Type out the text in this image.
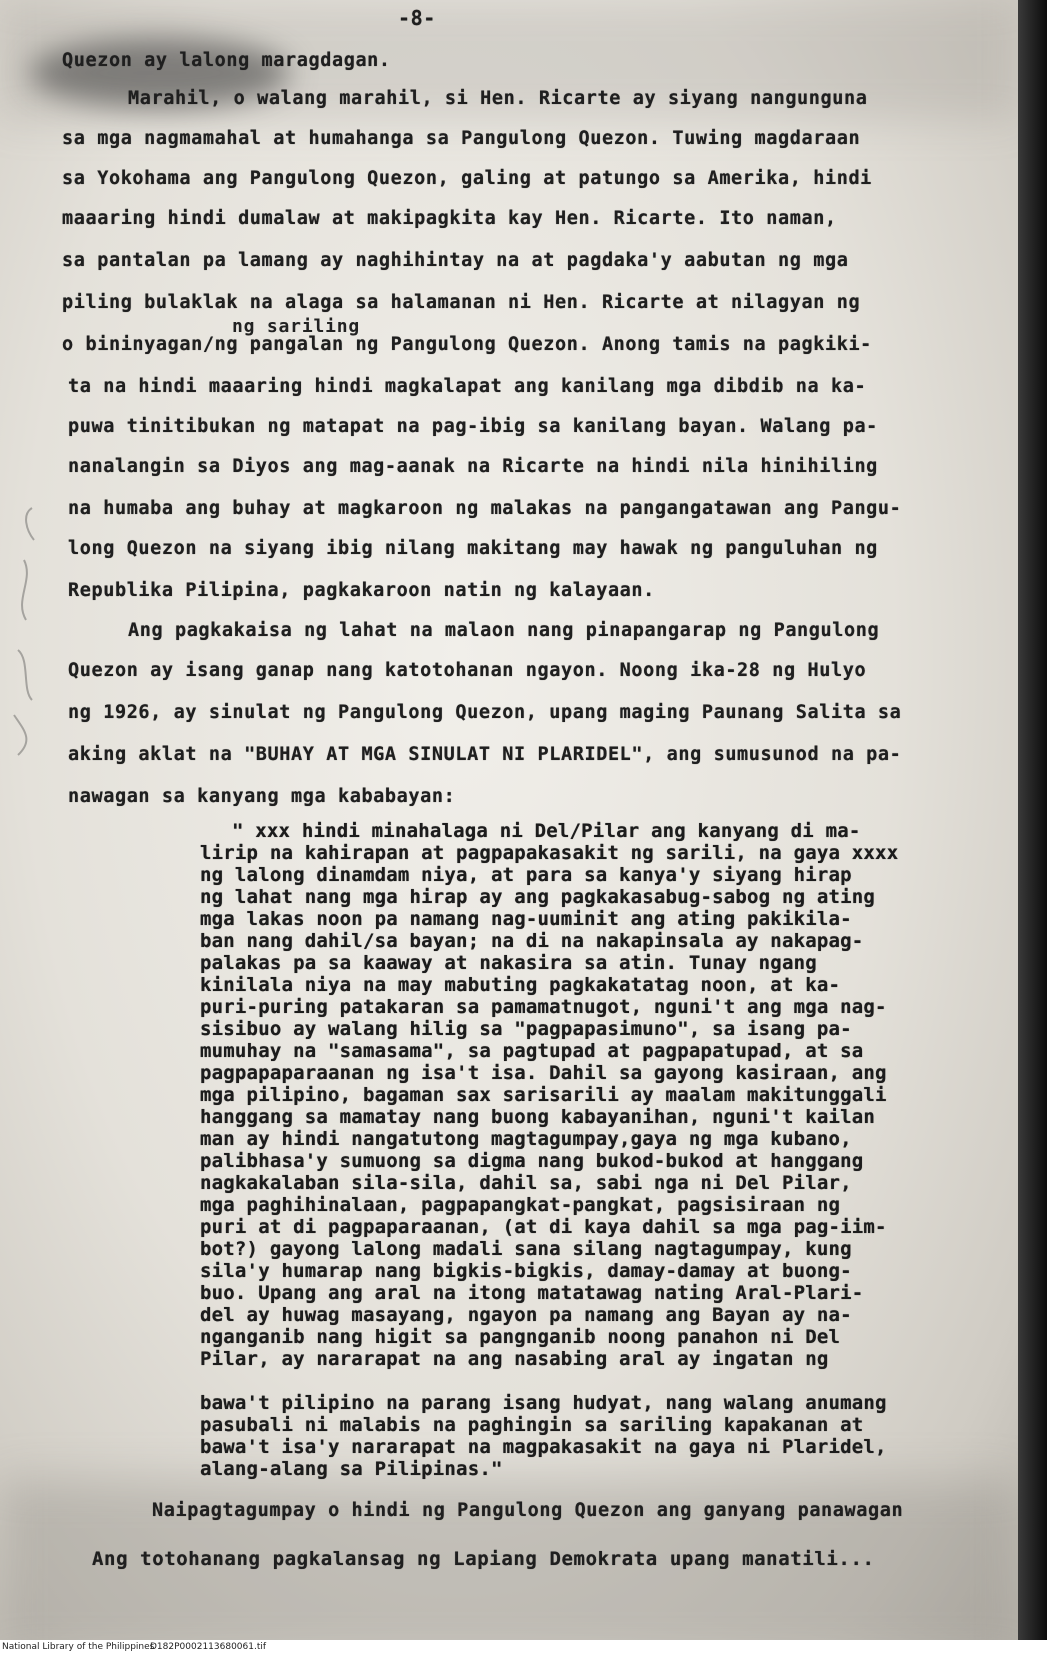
-8-
Quezon ay lalong maragdagan.
Marahil, o walang marahil, si Hen. Ricarte ay siyang nangunguna
sa mga nagmamahal at humahanga sa Pangulong Quezon. Tuwing magdaraan
sa Yokohama ang Pangulong Quezon, galing at patungo sa Amerika, hindi
maaaring hindi dumalaw at makipagkita kay Hen. Ricarte. Ito naman,
sa pantalan pa lamang ay naghihintay na at pagdaka'y aabutan ng mga
piling bulaklak na alaga sa halamanan ni Hen. Ricarte at nilagyan ng
ng sariling
o bininyagan/ng pangalan ng Pangulong Quezon. Anong tamis na pagkiki-
ta na hindi maaaring hindi magkalapat ang kanilang mga dibdib na ka-
puwa tinitibukan ng matapat na pag-ibig sa kanilang bayan. Walang pa-
nanalangin sa Diyos ang mag-aanak na Ricarte na hindi nila hinihiling
na humaba ang buhay at magkaroon ng malakas na pangangatawan ang Pangu-
long Quezon na siyang ibig nilang makitang may hawak ng panguluhan ng
Republika Pilipina, pagkakaroon natin ng kalayaan.
Ang pagkakaisa ng lahat na malaon nang pinapangarap ng Pangulong
Quezon ay isang ganap nang katotohanan ngayon. Noong ika-28 ng Hulyo
ng 1926, ay sinulat ng Pangulong Quezon, upang maging Paunang Salita sa
aking aklat na "BUHAY AT MGA SINULAT NI PLARIDEL", ang sumusunod na pa-
nawagan sa kanyang mga kababayan:
" xxx hindi minahalaga ni Del/Pilar ang kanyang di ma-
lirip na kahirapan at pagpapakasakit ng sarili, na gaya xxxx
ng lalong dinamdam niya, at para sa kanya'y siyang hirap
ng lahat nang mga hirap ay ang pagkakasabug-sabog ng ating
mga lakas noon pa namang nag-uuminit ang ating pakikila-
ban nang dahil/sa bayan; na di na nakapinsala ay nakapag-
palakas pa sa kaaway at nakasira sa atin. Tunay ngang
kinilala niya na may mabuting pagkakatatag noon, at ka-
puri-puring patakaran sa pamamatnugot, nguni't ang mga nag-
sisibuo ay walang hilig sa "pagpapasimuno", sa isang pa-
mumuhay na "samasama", sa pagtupad at pagpapatupad, at sa
pagpapaparaanan ng isa't isa. Dahil sa gayong kasiraan, ang
mga pilipino, bagaman sax sarisarili ay maalam makitunggali
hanggang sa mamatay nang buong kabayanihan, nguni't kailan
man ay hindi nangatutong magtagumpay,gaya ng mga kubano,
palibhasa'y sumuong sa digma nang bukod-bukod at hanggang
nagkakalaban sila-sila, dahil sa, sabi nga ni Del Pilar,
mga paghihinalaan, pagpapangkat-pangkat, pagsisiraan ng
puri at di pagpaparaanan, (at di kaya dahil sa mga pag-iim-
bot?) gayong lalong madali sana silang nagtagumpay, kung
sila'y humarap nang bigkis-bigkis, damay-damay at buong-
buo. Upang ang aral na itong matatawag nating Aral-Plari-
del ay huwag masayang, ngayon pa namang ang Bayan ay na-
nganganib nang higit sa pangnganib noong panahon ni Del
Pilar, ay nararapat na ang nasabing aral ay ingatan ng
bawa't pilipino na parang isang hudyat, nang walang anumang
pasubali ni malabis na paghingin sa sariling kapakanan at
bawa't isa'y nararapat na magpakasakit na gaya ni Plaridel,
alang-alang sa Pilipinas."
Naipagtagumpay o hindi ng Pangulong Quezon ang ganyang panawagan
Ang totohanang pagkalansag ng Lapiang Demokrata upang manatili...
National Library of the Philippines
D182P0002113680061.tif
